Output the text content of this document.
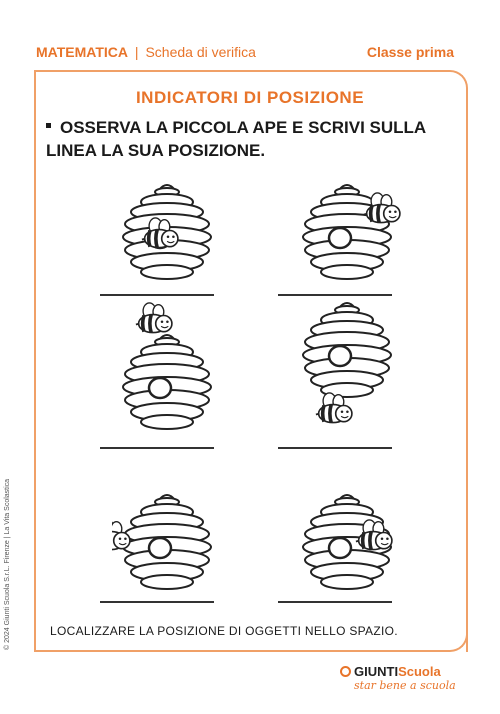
MATEMATICA | Scheda di verifica	Classe prima
INDICATORI DI POSIZIONE
OSSERVA LA PICCOLA APE E SCRIVI SULLA LINEA LA SUA POSIZIONE.
LOCALIZZARE LA POSIZIONE DI OGGETTI NELLO SPAZIO.
© 2024 Giunti Scuola S.r.L. Firenze | La Vita Scolastica
GIUNTIScuola
star bene a scuola
